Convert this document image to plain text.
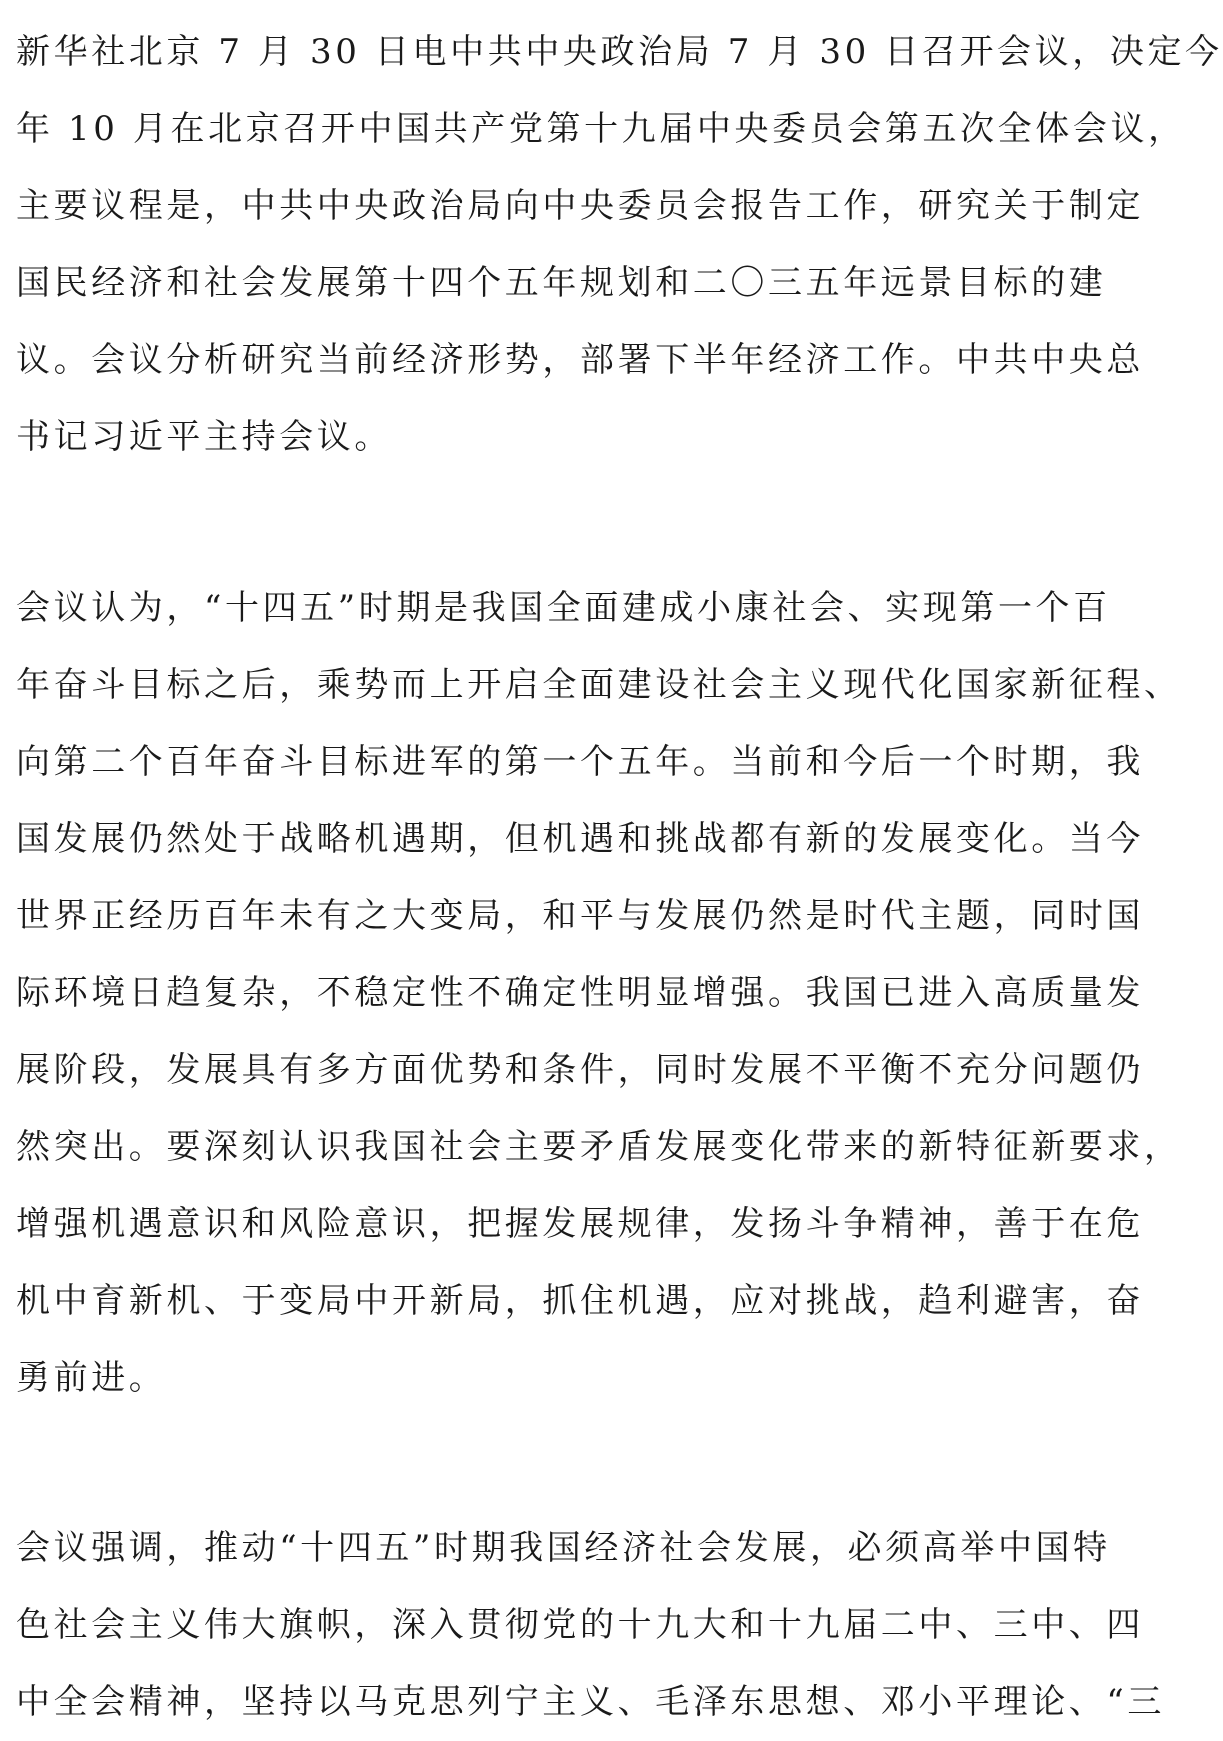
新华社北京 7 月 30 日电中共中央政治局 7 月 30 日召开会议，决定今
年 10 月在北京召开中国共产党第十九届中央委员会第五次全体会议，
主要议程是，中共中央政治局向中央委员会报告工作，研究关于制定
国民经济和社会发展第十四个五年规划和二〇三五年远景目标的建
议。会议分析研究当前经济形势，部署下半年经济工作。中共中央总
书记习近平主持会议。
会议认为，“十四五”时期是我国全面建成小康社会、实现第一个百
年奋斗目标之后，乘势而上开启全面建设社会主义现代化国家新征程、
向第二个百年奋斗目标进军的第一个五年。当前和今后一个时期，我
国发展仍然处于战略机遇期，但机遇和挑战都有新的发展变化。当今
世界正经历百年未有之大变局，和平与发展仍然是时代主题，同时国
际环境日趋复杂，不稳定性不确定性明显增强。我国已进入高质量发
展阶段，发展具有多方面优势和条件，同时发展不平衡不充分问题仍
然突出。要深刻认识我国社会主要矛盾发展变化带来的新特征新要求，
增强机遇意识和风险意识，把握发展规律，发扬斗争精神，善于在危
机中育新机、于变局中开新局，抓住机遇，应对挑战，趋利避害，奋
勇前进。
会议强调，推动“十四五”时期我国经济社会发展，必须高举中国特
色社会主义伟大旗帜，深入贯彻党的十九大和十九届二中、三中、四
中全会精神，坚持以马克思列宁主义、毛泽东思想、邓小平理论、“三
